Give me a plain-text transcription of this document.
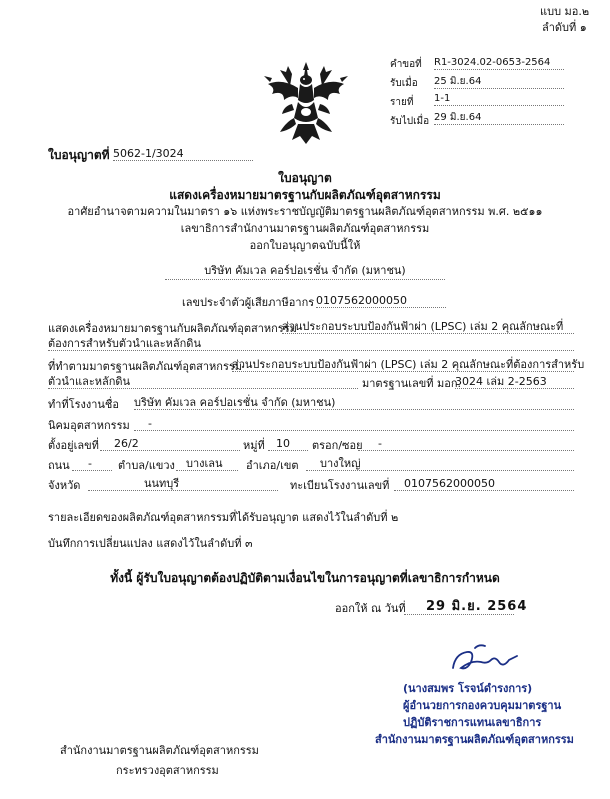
แบบ มอ.๒
ลำดับที่ ๑
คำขอที่ R1-3024.02-0653-2564
รับเมื่อ 25 มิ.ย.64
รายที่ 1-1
รับไปเมื่อ 29 มิ.ย.64
ใบอนุญาตที่ 5062-1/3024
ใบอนุญาต
แสดงเครื่องหมายมาตรฐานกับผลิตภัณฑ์อุตสาหกรรม
อาศัยอำนาจตามความในมาตรา ๑๖ แห่งพระราชบัญญัติมาตรฐานผลิตภัณฑ์อุตสาหกรรม พ.ศ. ๒๕๑๑
เลขาธิการสำนักงานมาตรฐานผลิตภัณฑ์อุตสาหกรรม
ออกใบอนุญาตฉบับนี้ให้
บริษัท คัมเวล คอร์ปอเรชั่น จำกัด (มหาชน)
เลขประจำตัวผู้เสียภาษีอากร 0107562000050
แสดงเครื่องหมายมาตรฐานกับผลิตภัณฑ์อุตสาหกรรม
ส่วนประกอบระบบป้องกันฟ้าผ่า (LPSC) เล่ม 2 คุณลักษณะที่
ต้องการสำหรับตัวนำและหลักดิน
ที่ทำตามมาตรฐานผลิตภัณฑ์อุตสาหกรรม
ส่วนประกอบระบบป้องกันฟ้าผ่า (LPSC) เล่ม 2 คุณลักษณะที่ต้องการสำหรับ
ตัวนำและหลักดิน	มาตรฐานเลขที่ มอก.
3024 เล่ม 2-2563
ทำที่โรงงานชื่อ บริษัท คัมเวล คอร์ปอเรชั่น จำกัด (มหาชน)
นิคมอุตสาหกรรม	-
ตั้งอยู่เลขที่	26/2	หมู่ที่	10	ตรอก/ซอย	-
ถนน	-	ตำบล/แขวง	บางเลน	อำเภอ/เขต	บางใหญ่
จังหวัด	นนทบุรี	ทะเบียนโรงงานเลขที่	0107562000050
รายละเอียดของผลิตภัณฑ์อุตสาหกรรมที่ได้รับอนุญาต แสดงไว้ในลำดับที่ ๒
บันทึกการเปลี่ยนแปลง แสดงไว้ในลำดับที่ ๓
ทั้งนี้ ผู้รับใบอนุญาตต้องปฏิบัติตามเงื่อนไขในการอนุญาตที่เลขาธิการกำหนด
ออกให้ ณ วันที่	29 มิ.ย. 2564
(นางสมพร โรจน์ดำรงการ)
ผู้อำนวยการกองควบคุมมาตรฐาน
ปฏิบัติราชการแทนเลขาธิการ
สำนักงานมาตรฐานผลิตภัณฑ์อุตสาหกรรม
สำนักงานมาตรฐานผลิตภัณฑ์อุตสาหกรรม
กระทรวงอุตสาหกรรม
